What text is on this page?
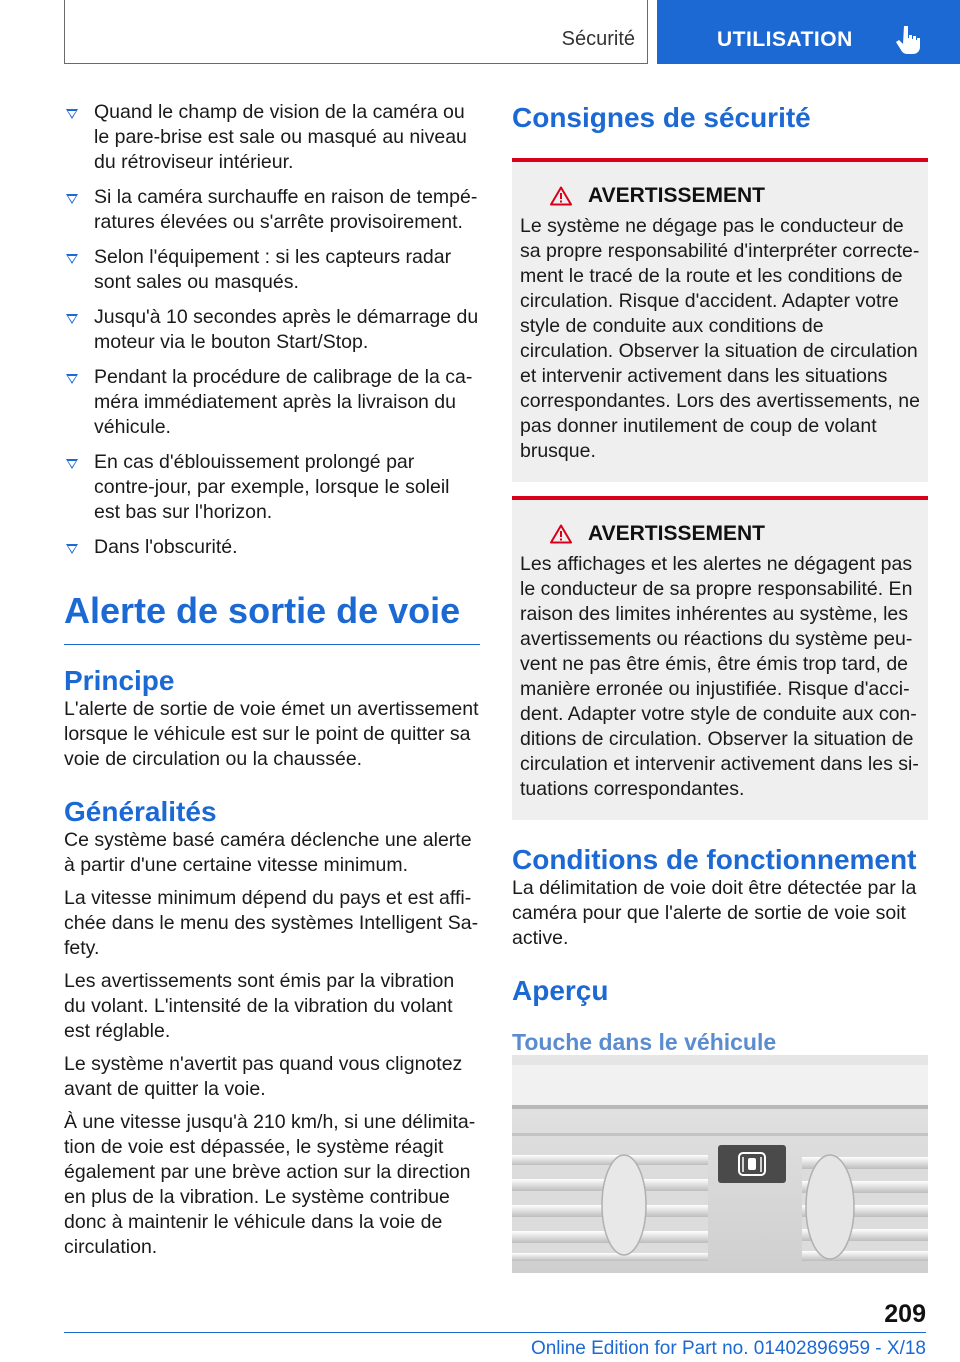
Sécurité	UTILISATION
Quand le champ de vision de la caméra ou le pare-brise est sale ou masqué au niveau du rétroviseur intérieur.
Si la caméra surchauffe en raison de températures élevées ou s'arrête provisoirement.
Selon l'équipement : si les capteurs radar sont sales ou masqués.
Jusqu'à 10 secondes après le démarrage du moteur via le bouton Start/Stop.
Pendant la procédure de calibrage de la caméra immédiatement après la livraison du véhicule.
En cas d'éblouissement prolongé par contre-jour, par exemple, lorsque le soleil est bas sur l'horizon.
Dans l'obscurité.
Alerte de sortie de voie
Principe

L'alerte de sortie de voie émet un avertissement lorsque le véhicule est sur le point de quitter sa voie de circulation ou la chaussée.

Généralités

Ce système basé caméra déclenche une alerte à partir d'une certaine vitesse minimum.

La vitesse minimum dépend du pays et est affichée dans le menu des systèmes Intelligent Safety.

Les avertissements sont émis par la vibration du volant. L'intensité de la vibration du volant est réglable.

Le système n'avertit pas quand vous clignotez avant de quitter la voie.

À une vitesse jusqu'à 210 km/h, si une délimitation de voie est dépassée, le système réagit également par une brève action sur la direction en plus de la vibration. Le système contribue donc à maintenir le véhicule dans la voie de circulation.

Consignes de sécurité
AVERTISSEMENT

Le système ne dégage pas le conducteur de sa propre responsabilité d'interpréter correctement le tracé de la route et les conditions de circulation. Risque d'accident. Adapter votre style de conduite aux conditions de circulation. Observer la situation de circulation et intervenir activement dans les situations correspondantes. Lors des avertissements, ne pas donner inutilement de coup de volant brusque.

AVERTISSEMENT

Les affichages et les alertes ne dégagent pas le conducteur de sa propre responsabilité. En raison des limites inhérentes au système, les avertissements ou réactions du système peuvent ne pas être émis, être émis trop tard, de manière erronée ou injustifiée. Risque d'accident. Adapter votre style de conduite aux conditions de circulation. Observer la situation de circulation et intervenir activement dans les situations correspondantes.

Conditions de fonctionnement

La délimitation de voie doit être détectée par la caméra pour que l'alerte de sortie de voie soit active.

Aperçu
Touche dans le véhicule
209
Online Edition for Part no. 01402896959 - X/18
